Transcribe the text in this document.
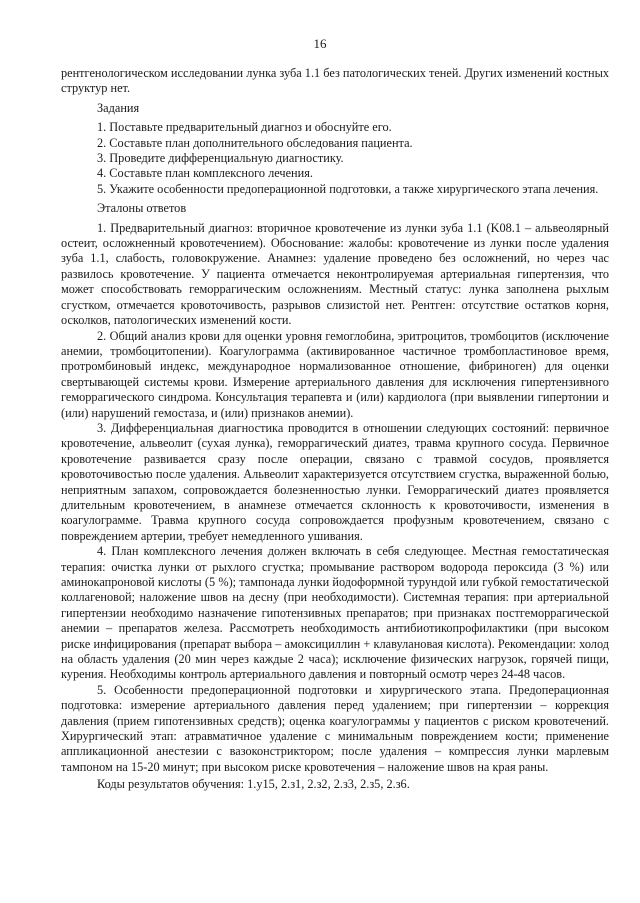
16

рентгенологическом исследовании лунка зуба 1.1 без патологических теней. Других изменений костных структур нет.

Задания

1. Поставьте предварительный диагноз и обоснуйте его.

2. Составьте план дополнительного обследования пациента.

3. Проведите дифференциальную диагностику.

4. Составьте план комплексного лечения.

5. Укажите особенности предоперационной подготовки, а также хирургического этапа лечения.

Эталоны ответов

1. Предварительный диагноз: вторичное кровотечение из лунки зуба 1.1 (K08.1 – альвеолярный остеит, осложненный кровотечением). Обоснование: жалобы: кровотечение из лунки после удаления зуба 1.1, слабость, головокружение. Анамнез: удаление проведено без осложнений, но через час развилось кровотечение. У пациента отмечается неконтролируемая артериальная гипертензия, что может способствовать геморрагическим осложнениям. Местный статус: лунка заполнена рыхлым сгустком, отмечается кровоточивость, разрывов слизистой нет. Рентген: отсутствие остатков корня, осколков, патологических изменений кости.

2. Общий анализ крови для оценки уровня гемоглобина, эритроцитов, тромбоцитов (исключение анемии, тромбоцитопении). Коагулограмма (активированное частичное тромбопластиновое время, протромбиновый индекс, международное нормализованное отношение, фибриноген) для оценки свертывающей системы крови. Измерение артериального давления для исключения гипертензивного геморрагического синдрома. Консультация терапевта и (или) кардиолога (при выявлении гипертонии и (или) нарушений гемостаза, и (или) признаков анемии).

3. Дифференциальная диагностика проводится в отношении следующих состояний: первичное кровотечение, альвеолит (сухая лунка), геморрагический диатез, травма крупного сосуда. Первичное кровотечение развивается сразу после операции, связано с травмой сосудов, проявляется кровоточивостью после удаления. Альвеолит характеризуется отсутствием сгустка, выраженной болью, неприятным запахом, сопровождается болезненностью лунки. Геморрагический диатез проявляется длительным кровотечением, в анамнезе отмечается склонность к кровоточивости, изменения в коагулограмме. Травма крупного сосуда сопровождается профузным кровотечением, связано с повреждением артерии, требует немедленного ушивания.

4. План комплексного лечения должен включать в себя следующее. Местная гемостатическая терапия: очистка лунки от рыхлого сгустка; промывание раствором водорода пероксида (3 %) или аминокапроновой кислоты (5 %); тампонада лунки йодоформной турундой или губкой гемостатической коллагеновой; наложение швов на десну (при необходимости). Системная терапия: при артериальной гипертензии необходимо назначение гипотензивных препаратов; при признаках постгеморрагической анемии – препаратов железа. Рассмотреть необходимость антибиотикопрофилактики (при высоком риске инфицирования (препарат выбора – амоксициллин + клавулановая кислота). Рекомендации: холод на область удаления (20 мин через каждые 2 часа); исключение физических нагрузок, горячей пищи, курения. Необходимы контроль артериального давления и повторный осмотр через 24-48 часов.

5. Особенности предоперационной подготовки и хирургического этапа. Предоперационная подготовка: измерение артериального давления перед удалением; при гипертензии – коррекция давления (прием гипотензивных средств); оценка коагулограммы у пациентов с риском кровотечений. Хирургический этап: атравматичное удаление с минимальным повреждением кости; применение аппликационной анестезии с вазоконстриктором; после удаления – компрессия лунки марлевым тампоном на 15-20 минут; при высоком риске кровотечения – наложение швов на края раны.

Коды результатов обучения: 1.у15, 2.з1, 2.з2, 2.з3, 2.з5, 2.з6.
